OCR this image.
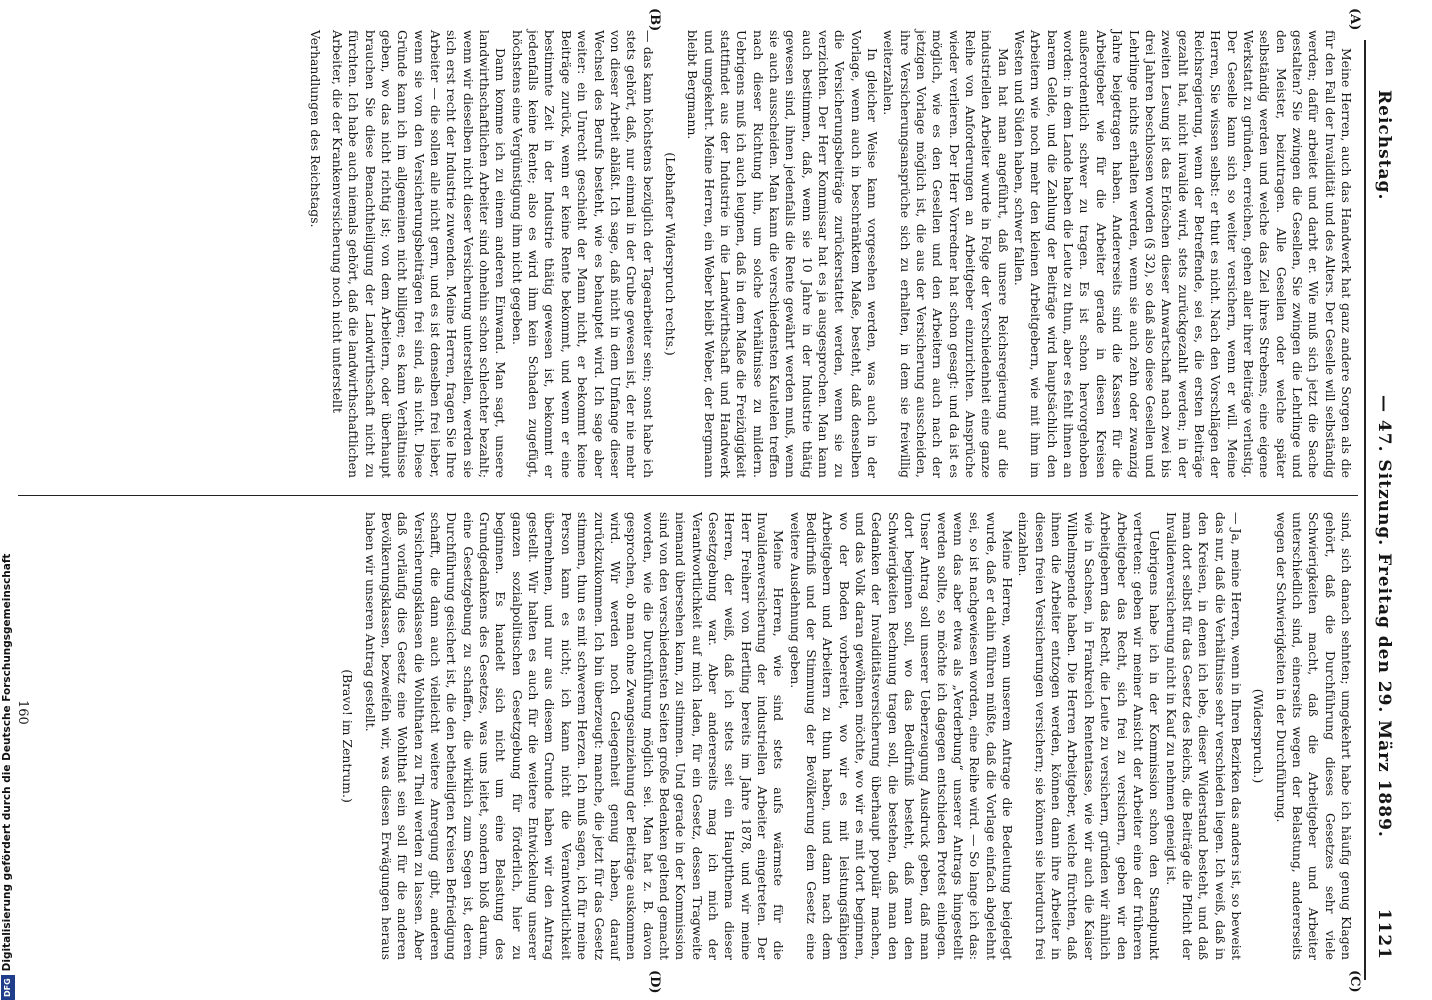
Reichstag.
— 47. Sitzung. Freitag den 29. März 1889.
1121
(A)
(B)
(C)
(D)

Meine Herren, auch das Handwerk hat ganz andere Sorgen als die für den Fall der Invalidität und des Alters. Der Geselle will selbständig werden; dafür arbeitet und darbt er. Wie muß sich jetzt die Sache gestalten? Sie zwingen die Gesellen, Sie zwingen die Lehrlinge und den Meister, beizutragen. Alle Gesellen oder welche später selbständig werden und welche das Ziel ihres Strebens, eine eigene Werkstatt zu gründen, erreichen, gehen aller ihrer Beiträge verlustig. Der Geselle kann sich so weiter versichern, wenn er will. Meine Herren, Sie wissen selbst: er thut es nicht. Nach den Vorschlägen der Reichsregierung, wenn der Betreffende, sei es, die ersten Beiträge gezahlt hat, nicht invalide wird, stets zurückgezahlt werden; in der zweiten Lesung ist das Erlöschen dieser Anwartschaft nach zwei bis drei Jahren beschlossen worden (§ 32), so daß also diese Gesellen und Lehrlinge nichts erhalten werden, wenn sie auch zehn oder zwanzig Jahre beigetragen haben. Andererseits sind die Kassen für die Arbeitgeber wie für die Arbeiter gerade in diesen Kreisen außerordentlich schwer zu tragen. Es ist schon hervorgehoben worden: in dem Lande haben die Leute zu thun, aber es fehlt ihnen an barem Gelde, und die Zahlung der Beiträge wird hauptsächlich den Arbeitern wie noch mehr den kleinen Arbeitgebern, wie mit ihm im Westen und Süden haben, schwer fallen.

Man hat man angeführt, daß unsere Reichsregierung auf die industriellen Arbeiter wurde in Folge der Verschiedenheit eine ganze Reihe von Anforderungen an Arbeitgeber einzurichten. Ansprüche wieder verlieren. Der Herr Vorredner hat schon gesagt: und da ist es möglich, wie es den Gesellen und den Arbeitern auch nach der jetzigen Vorlage möglich ist, die aus der Versicherung ausscheiden, ihre Versicherungsansprüche sich zu erhalten, in dem sie freiwillig weiterzahlen.

In gleicher Weise kann vorgesehen werden, was auch in der Vorlage, wenn auch in beschränktem Maße, besteht, daß denselben die Versicherungsbeiträge zurückerstattet werden, wenn sie zu verzichten. Der Herr Kommissar hat es ja ausgesprochen. Man kann auch bestimmen, daß, wenn sie 10 Jahre in der Industrie thätig gewesen sind, ihnen jedenfalls die Rente gewährt werden muß, wenn sie auch ausscheiden. Man kann die verschiedensten Kautelen treffen nach dieser Richtung hin, um solche Verhältnisse zu mildern. Uebrigens muß ich auch leugnen, daß in dem Maße die Freizügigkeit stattfindet aus der Industrie in die Landwirthschaft und Handwerk und umgekehrt. Meine Herren, ein Weber bleibt Weber, der Bergmann bleibt Bergmann.

(Lebhafter Widerspruch rechts.)

— das kann höchstens bezüglich der Tagearbeiter sein; sonst habe ich stets gehört, daß, nur einmal in der Grube gewesen ist, der nie mehr von dieser Arbeit abläßt. Ich sage, daß nicht in dem Umfange dieser Wechsel des Berufs besteht, wie es behauptet wird. Ich sage aber weiter: ein Unrecht geschieht der Mann nicht, er bekommt keine Beiträge zurück, wenn er keine Rente bekommt, und wenn er eine bestimmte Zeit in der Industrie thätig gewesen ist, bekommt er jedenfalls keine Rente; also es wird ihm kein Schaden zugefügt, höchstens eine Vergünstigung ihm nicht gegeben.

Dann komme ich zu einem anderen Einwand. Man sagt, unsere landwirthschaftlichen Arbeiter sind ohnehin schon schlechter bezahlt; wenn wir dieselben nicht dieser Versicherung unterstellen, werden sie sich erst recht der Industrie zuwenden. Meine Herren, fragen Sie Ihre Arbeiter — die sollen alle nicht gern, und es ist denselben frei lieber, wenn sie von den Versicherungsbeiträgen frei sind, als nicht. Diese Gründe kann ich im allgemeinen nicht billigen; es kann Verhältnisse geben, wo das nicht richtig ist; von dem Arbeitern, oder überhaupt brauchen Sie diese Benachtheiligung der Landwirthschaft nicht zu fürchten. Ich habe auch niemals gehört, daß die landwirthschaftlichen Arbeiter, die der Krankenversicherung noch nicht unterstellt

Verhandlungen des Reichstags.

sind, sich danach sehnten; umgekehrt habe ich häufig genug Klagen gehört, daß die Durchführung dieses Gesetzes sehr viele Schwierigkeiten macht, daß die Arbeitgeber und Arbeiter unterschiedlich sind, einerseits wegen der Belastung, andererseits wegen der Schwierigkeiten in der Durchführung.

(Widerspruch.)

— Ja, meine Herren, wenn in Ihren Bezirken das anders ist, so beweist das nur, daß die Verhältnisse sehr verschieden liegen. Ich weiß, daß in den Kreisen, in denen ich lebe, dieser Widerstand besteht, und daß man dort selbst für das Gesetz des Reichs, die Beiträge die Pflicht der Invalidenversicherung nicht in Kauf zu nehmen geneigt ist.

Uebrigens habe ich in der Kommission schon den Standpunkt vertreten: geben wir meiner Ansicht der Arbeiter eine der früheren Arbeitgeber das Recht, sich frei zu versichern, geben wir den Arbeitgebern das Recht, die Leute zu versichern, gründen wir ähnlich wie in Sachsen, in Frankreich Rententasse, wie wir auch die Kaiser Wilhelmspende haben. Die Herren Arbeitgeber, welche fürchten, daß ihnen die Arbeiter entzogen werden, können dann ihre Arbeiter in diesen freien Versicherungen versichern; sie können sie hierdurch frei einzahlen.

Meine Herren, wenn unserem Antrage die Bedeutung beigelegt wurde, daß er dahin führen müßte, daß die Vorlage einfach abgelehnt sei, so ist nachgewiesen worden, eine Reihe wird. — So lange ich das: wenn das aber etwa als „Verderbung“ unserer Antrags hingestellt werden sollte, so möchte ich dagegen entschieden Protest einlegen. Unser Antrag soll unserer Ueberzeugung Ausdruck geben, daß man dort beginnen soll, wo das Bedürfniß besteht, daß man den Schwierigkeiten Rechnung tragen soll, die bestehen, daß man den Gedanken der Invaliditätsversicherung überhaupt populär machen, und das Volk daran gewöhnen möchte, wo wir es mit dort beginnen, wo der Boden vorbereitet, wo wir es mit leistungsfähigen Arbeitgebern und Arbeitern zu thun haben, und dann nach dem Bedürfniß und der Stimmung der Bevölkerung dem Gesetz eine weitere Ausdehnung geben.

Meine Herren, wie sind stets aufs wärmste für die Invalidenversicherung der industriellen Arbeiter eingetreten. Der Herr Freiherr von Hertling bereits im Jahre 1878, und wir meine Herren, der weiß, daß ich stets seit ein Hauptthema dieser Gesetzgebung war. Aber andererseits mag ich mich der Verantwortlichkeit auf mich laden, für ein Gesetz, dessen Tragweite niemand übersehen kann, zu stimmen. Und gerade in der Kommission sind von den verschiedensten Seiten große Bedenken geltend gemacht worden, wie die Durchführung möglich sei. Man hat z. B. davon gesprochen, ob man ohne Zwangseinziehung der Beiträge auskommen wird. Wir werden noch Gelegenheit genug haben, darauf zurückzukommen. Ich bin überzeugt: manche, die jetzt für das Gesetz stimmen, thun es mit schwerem Herzen. Ich muß sagen, ich für meine Person kann es nicht; ich kann nicht die Verantwortlichkeit übernehmen, und nur aus diesem Grunde haben wir den Antrag gestellt. Wir halten es auch für die weitere Entwickelung unserer ganzen sozialpolitischen Gesetzgebung für förderlich, hier zu beginnen. Es handelt sich nicht um eine Belastung des Grundgedankens des Gesetzes, was uns leitet, sondern bloß darum, eine Gesetzgebung zu schaffen, die wirklich zum Segen ist, deren Durchführung gesichert ist, die den betheiligten Kreisen Befriedigung schafft, die dann auch vielleicht weitere Anregung gibt, anderen Versicherungsklassen die Wohlthaten zu Theil werden zu lassen. Aber daß vorläufig dies Gesetz eine Wohlthat sein soll für die anderen Bevölkerungsklassen, bezweifeln wir, was diesen Erwägungen heraus haben wir unseren Antrag gestellt.

(Bravo! im Zentrum.)

160
DFGDigitalisierung gefördert durch die Deutsche Forschungsgemeinschaft
